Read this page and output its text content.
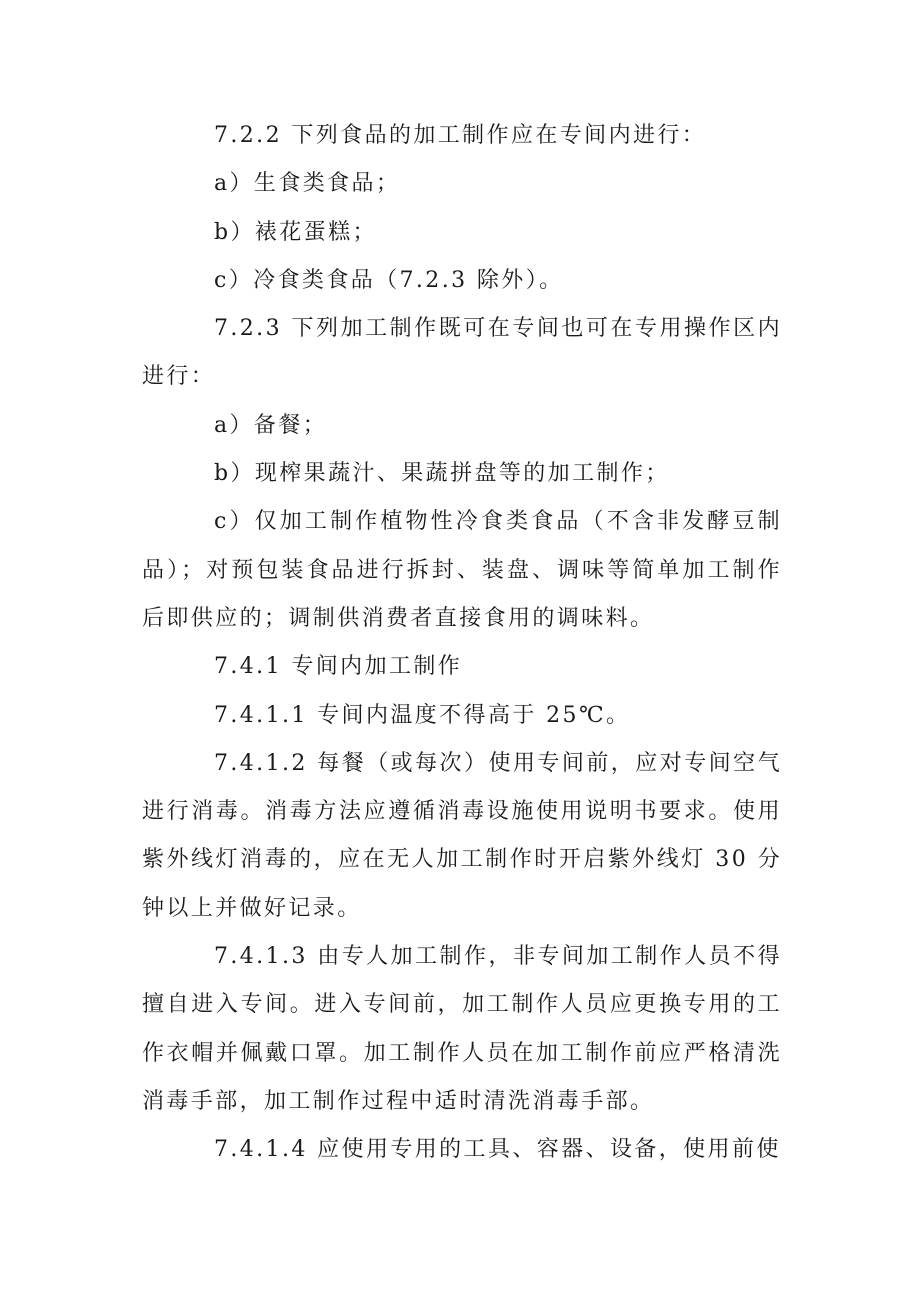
7.2.2 下列食品的加工制作应在专间内进行：

a）生食类食品；

b）裱花蛋糕；

c）冷食类食品（7.2.3 除外）。

7.2.3 下列加工制作既可在专间也可在专用操作区内进行：

a）备餐；

b）现榨果蔬汁、果蔬拼盘等的加工制作；

c）仅加工制作植物性冷食类食品（不含非发酵豆制品）；对预包装食品进行拆封、装盘、调味等简单加工制作后即供应的；调制供消费者直接食用的调味料。

7.4.1 专间内加工制作

7.4.1.1 专间内温度不得高于 25℃。

7.4.1.2 每餐（或每次）使用专间前，应对专间空气进行消毒。消毒方法应遵循消毒设施使用说明书要求。使用紫外线灯消毒的，应在无人加工制作时开启紫外线灯 30 分钟以上并做好记录。

7.4.1.3 由专人加工制作，非专间加工制作人员不得擅自进入专间。进入专间前，加工制作人员应更换专用的工作衣帽并佩戴口罩。加工制作人员在加工制作前应严格清洗消毒手部，加工制作过程中适时清洗消毒手部。

7.4.1.4 应使用专用的工具、容器、设备，使用前使
